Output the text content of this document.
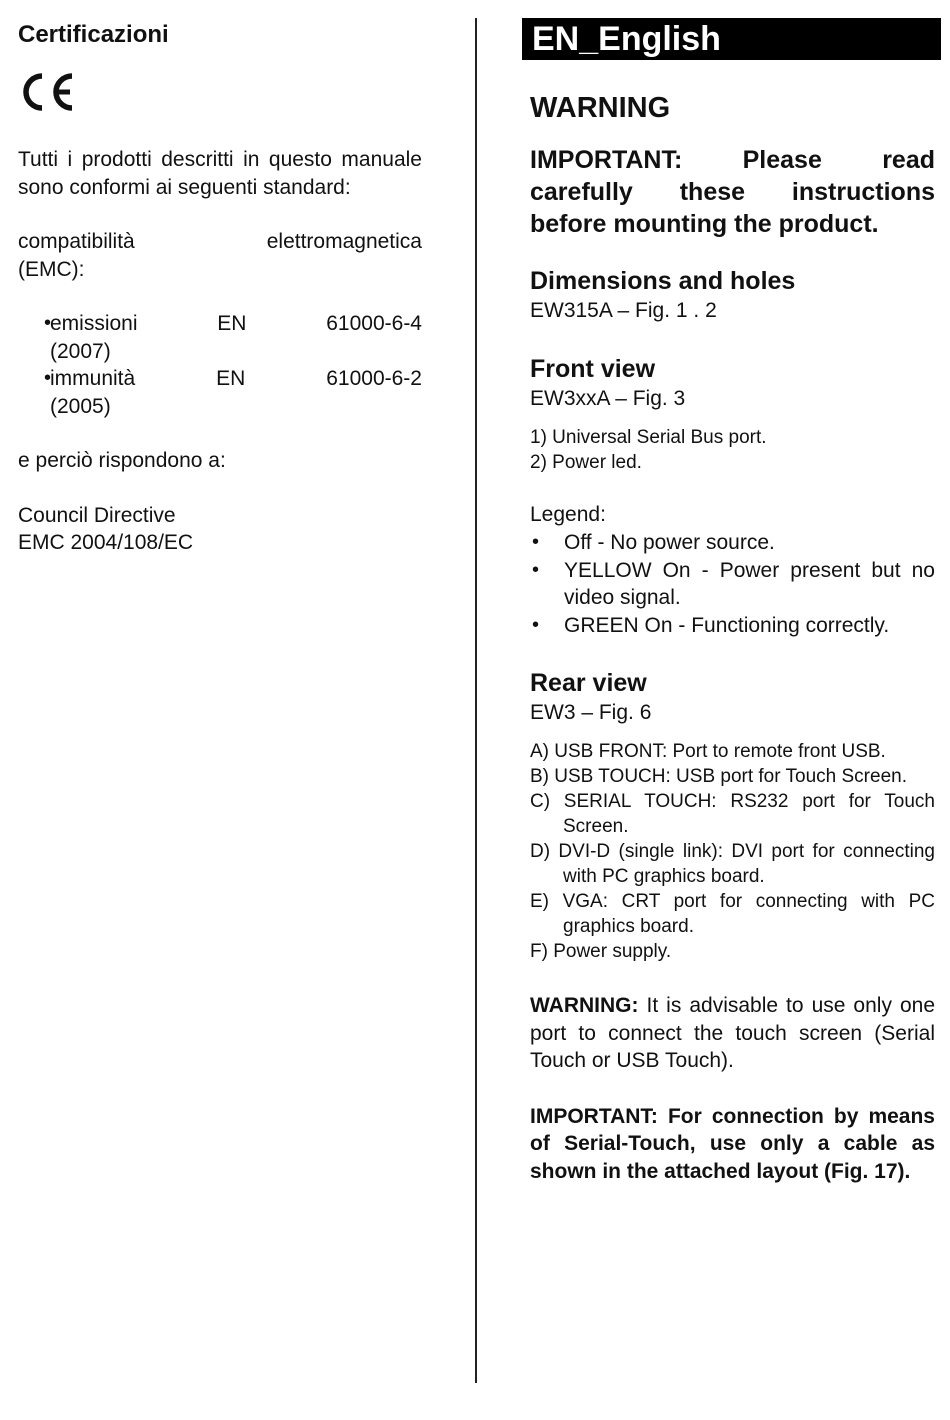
Certificazioni

Tutti i prodotti descritti in questo manuale sono conformi ai seguenti standard:

compatibilità	elettromagnetica

(EMC):

• emissioni	EN	61000-6-4
(2007)
• immunità	EN	61000-6-2
(2005)

e perciò rispondono a:

Council Directive

EMC 2004/108/EC

EN_English
WARNING

IMPORTANT: Please read carefully these instructions before mounting the product.

Dimensions and holes

EW315A – Fig. 1 . 2

Front view

EW3xxA – Fig. 3

1) Universal Serial Bus port.
2) Power led.

Legend:

• Off - No power source.
• YELLOW On - Power present but no video signal.
• GREEN On - Functioning correctly.
Rear view

EW3 – Fig. 6

A) USB FRONT: Port to remote front USB.
B) USB TOUCH: USB port for Touch Screen.
C) SERIAL TOUCH: RS232 port for Touch Screen.
D) DVI-D (single link): DVI port for connecting with PC graphics board.
E) VGA: CRT port for connecting with PC graphics board.
F) Power supply.

WARNING: It is advisable to use only one port to connect the touch screen (Serial Touch or USB Touch).

IMPORTANT: For connection by means of Serial-Touch, use only a cable as shown in the attached layout (Fig. 17).
